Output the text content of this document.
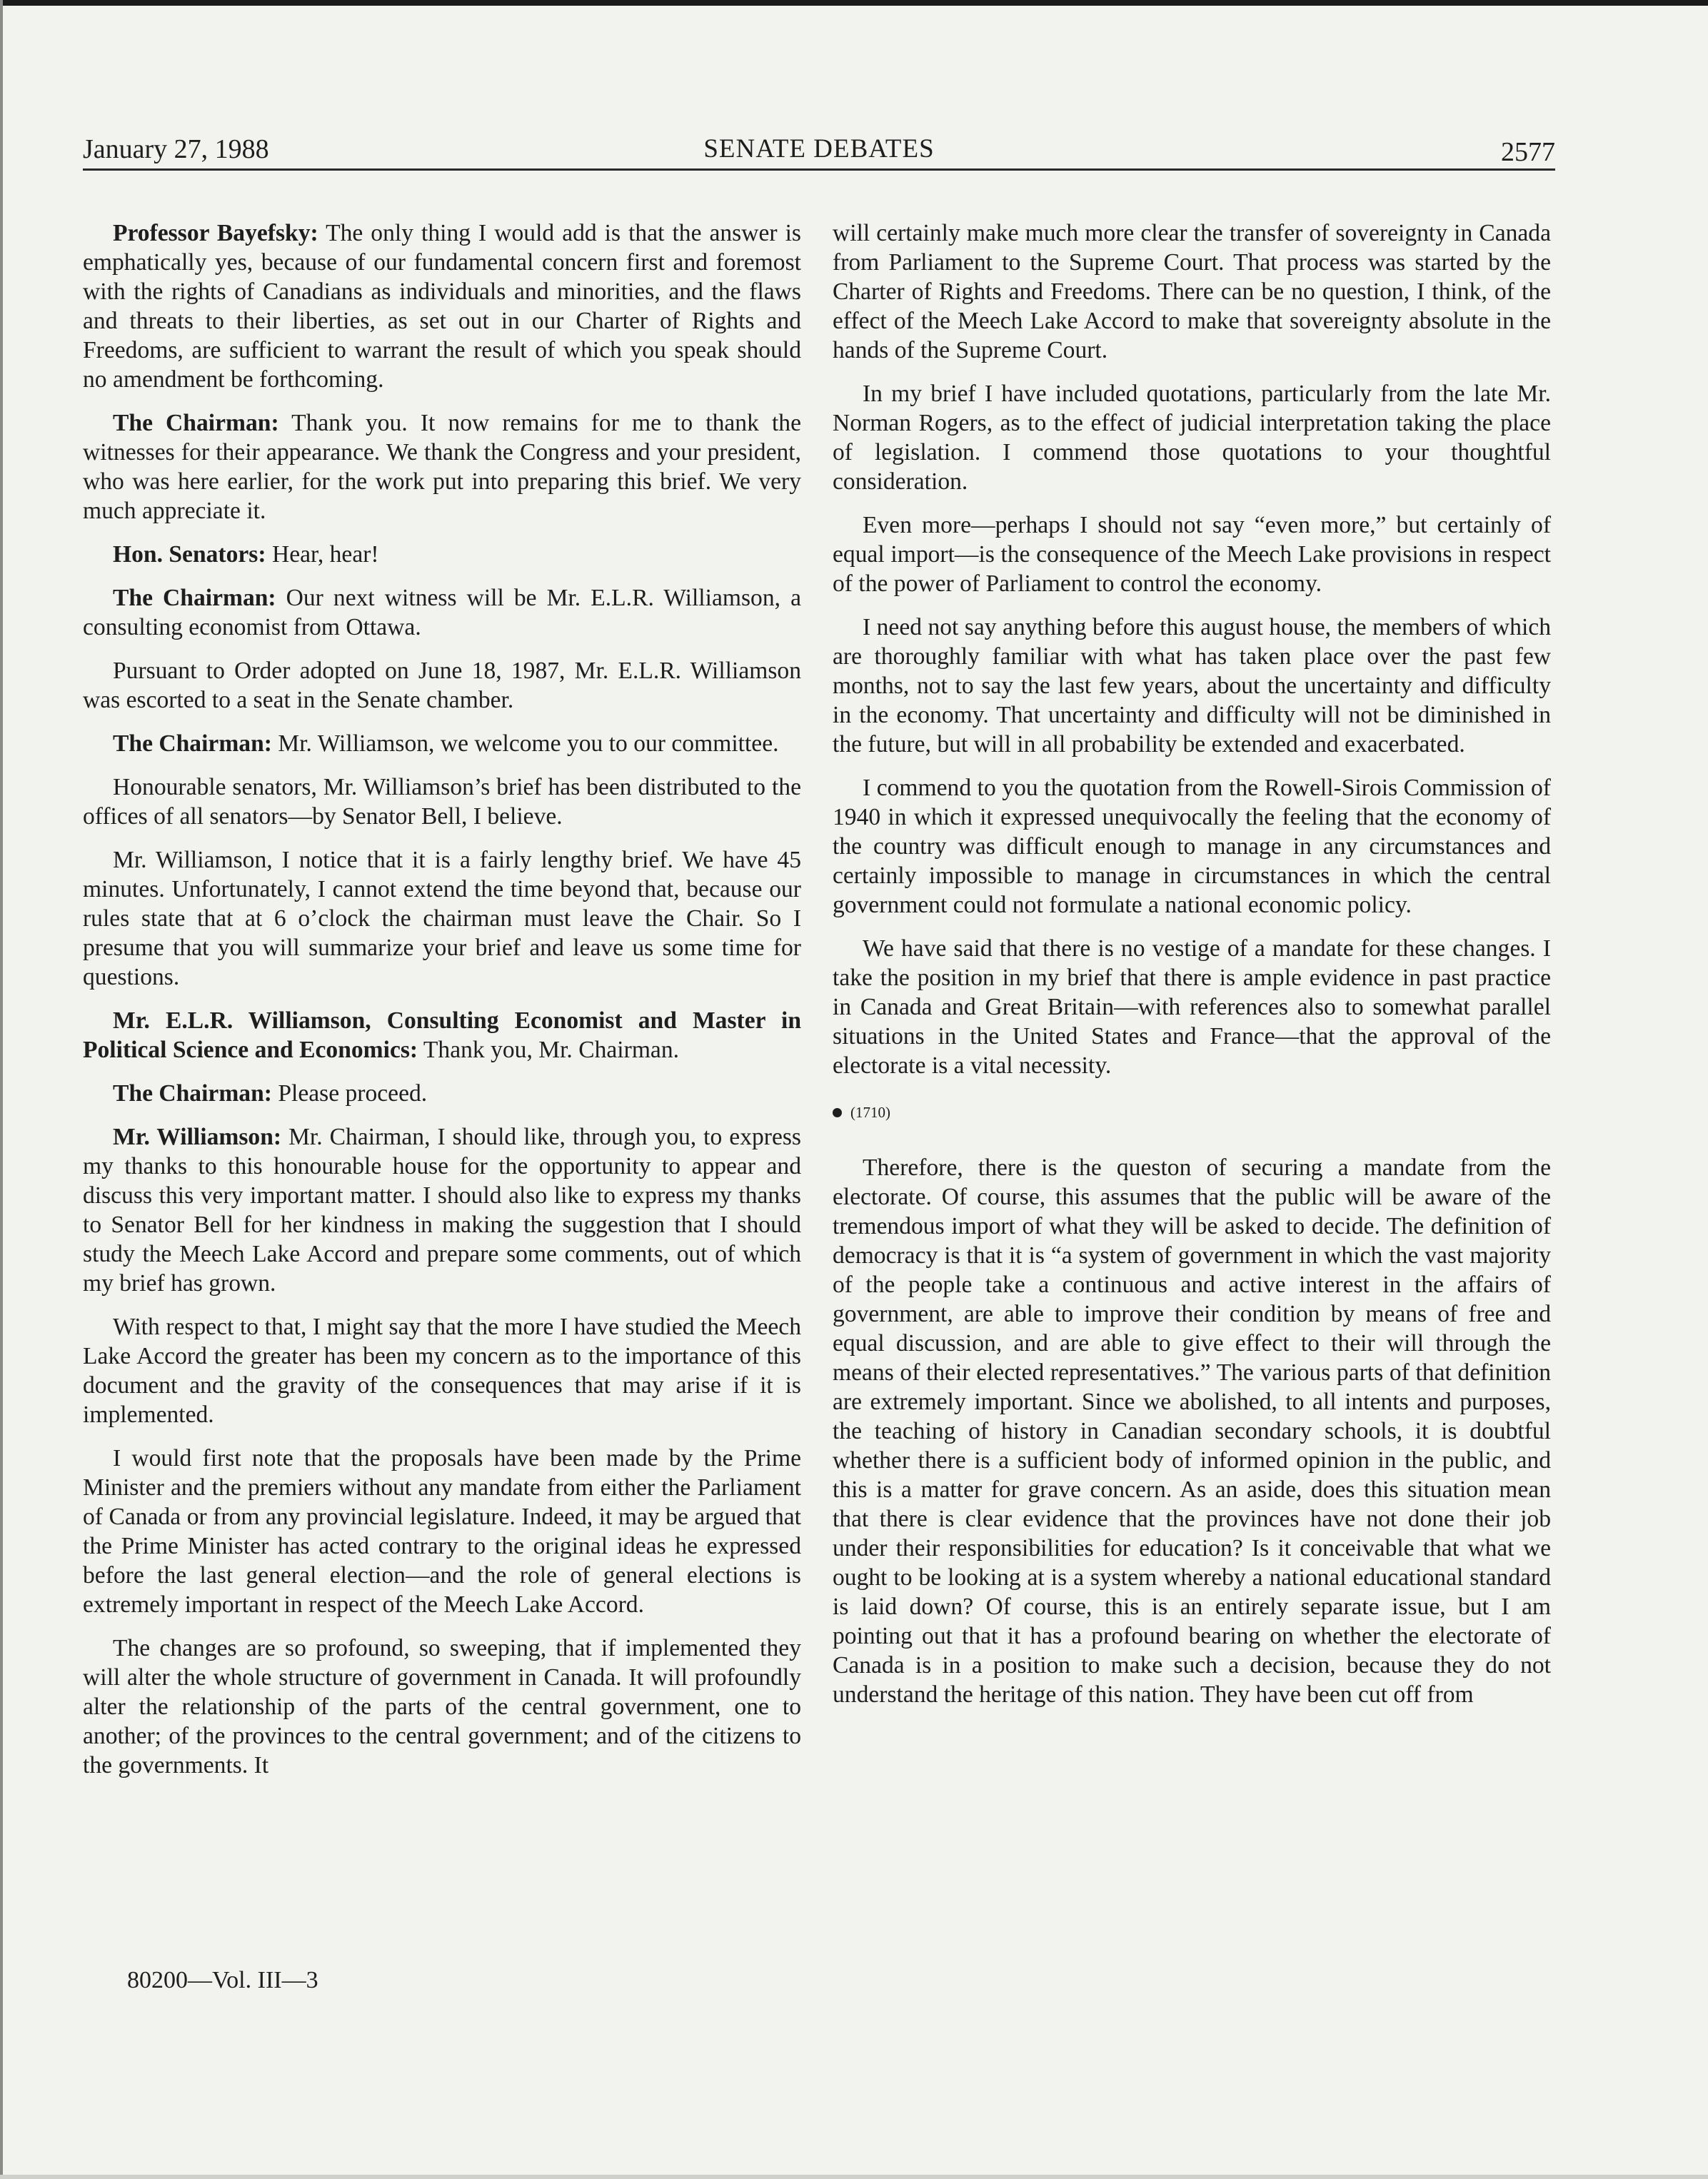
January 27, 1988	SENATE DEBATES	2577

Professor Bayefsky: The only thing I would add is that the answer is emphatically yes, because of our fundamental concern first and foremost with the rights of Canadians as individuals and minorities, and the flaws and threats to their liberties, as set out in our Charter of Rights and Freedoms, are sufficient to warrant the result of which you speak should no amendment be forthcoming.

The Chairman: Thank you. It now remains for me to thank the witnesses for their appearance. We thank the Congress and your president, who was here earlier, for the work put into preparing this brief. We very much appreciate it.

Hon. Senators: Hear, hear!

The Chairman: Our next witness will be Mr. E.L.R. Williamson, a consulting economist from Ottawa.

Pursuant to Order adopted on June 18, 1987, Mr. E.L.R. Williamson was escorted to a seat in the Senate chamber.

The Chairman: Mr. Williamson, we welcome you to our committee.

Honourable senators, Mr. Williamson’s brief has been distributed to the offices of all senators—by Senator Bell, I believe.

Mr. Williamson, I notice that it is a fairly lengthy brief. We have 45 minutes. Unfortunately, I cannot extend the time beyond that, because our rules state that at 6 o’clock the chairman must leave the Chair. So I presume that you will summarize your brief and leave us some time for questions.

Mr. E.L.R. Williamson, Consulting Economist and Master in Political Science and Economics: Thank you, Mr. Chairman.

The Chairman: Please proceed.

Mr. Williamson: Mr. Chairman, I should like, through you, to express my thanks to this honourable house for the opportunity to appear and discuss this very important matter. I should also like to express my thanks to Senator Bell for her kindness in making the suggestion that I should study the Meech Lake Accord and prepare some comments, out of which my brief has grown.

With respect to that, I might say that the more I have studied the Meech Lake Accord the greater has been my concern as to the importance of this document and the gravity of the consequences that may arise if it is implemented.

I would first note that the proposals have been made by the Prime Minister and the premiers without any mandate from either the Parliament of Canada or from any provincial legislature. Indeed, it may be argued that the Prime Minister has acted contrary to the original ideas he expressed before the last general election—and the role of general elections is extremely important in respect of the Meech Lake Accord.

The changes are so profound, so sweeping, that if implemented they will alter the whole structure of government in Canada. It will profoundly alter the relationship of the parts of the central government, one to another; of the provinces to the central government; and of the citizens to the governments. It

will certainly make much more clear the transfer of sovereignty in Canada from Parliament to the Supreme Court. That process was started by the Charter of Rights and Freedoms. There can be no question, I think, of the effect of the Meech Lake Accord to make that sovereignty absolute in the hands of the Supreme Court.

In my brief I have included quotations, particularly from the late Mr. Norman Rogers, as to the effect of judicial interpretation taking the place of legislation. I commend those quotations to your thoughtful consideration.

Even more—perhaps I should not say “even more,” but certainly of equal import—is the consequence of the Meech Lake provisions in respect of the power of Parliament to control the economy.

I need not say anything before this august house, the members of which are thoroughly familiar with what has taken place over the past few months, not to say the last few years, about the uncertainty and difficulty in the economy. That uncertainty and difficulty will not be diminished in the future, but will in all probability be extended and exacerbated.

I commend to you the quotation from the Rowell-Sirois Commission of 1940 in which it expressed unequivocally the feeling that the economy of the country was difficult enough to manage in any circumstances and certainly impossible to manage in circumstances in which the central government could not formulate a national economic policy.

We have said that there is no vestige of a mandate for these changes. I take the position in my brief that there is ample evidence in past practice in Canada and Great Britain—with references also to somewhat parallel situations in the United States and France—that the approval of the electorate is a vital necessity.

(1710)

Therefore, there is the queston of securing a mandate from the electorate. Of course, this assumes that the public will be aware of the tremendous import of what they will be asked to decide. The definition of democracy is that it is “a system of government in which the vast majority of the people take a continuous and active interest in the affairs of government, are able to improve their condition by means of free and equal discussion, and are able to give effect to their will through the means of their elected representatives.” The various parts of that definition are extremely important. Since we abolished, to all intents and purposes, the teaching of history in Canadian secondary schools, it is doubtful whether there is a sufficient body of informed opinion in the public, and this is a matter for grave concern. As an aside, does this situation mean that there is clear evidence that the provinces have not done their job under their responsibilities for education? Is it conceivable that what we ought to be looking at is a system whereby a national educational standard is laid down? Of course, this is an entirely separate issue, but I am pointing out that it has a profound bearing on whether the electorate of Canada is in a position to make such a decision, because they do not understand the heritage of this nation. They have been cut off from

80200—Vol. III—3
